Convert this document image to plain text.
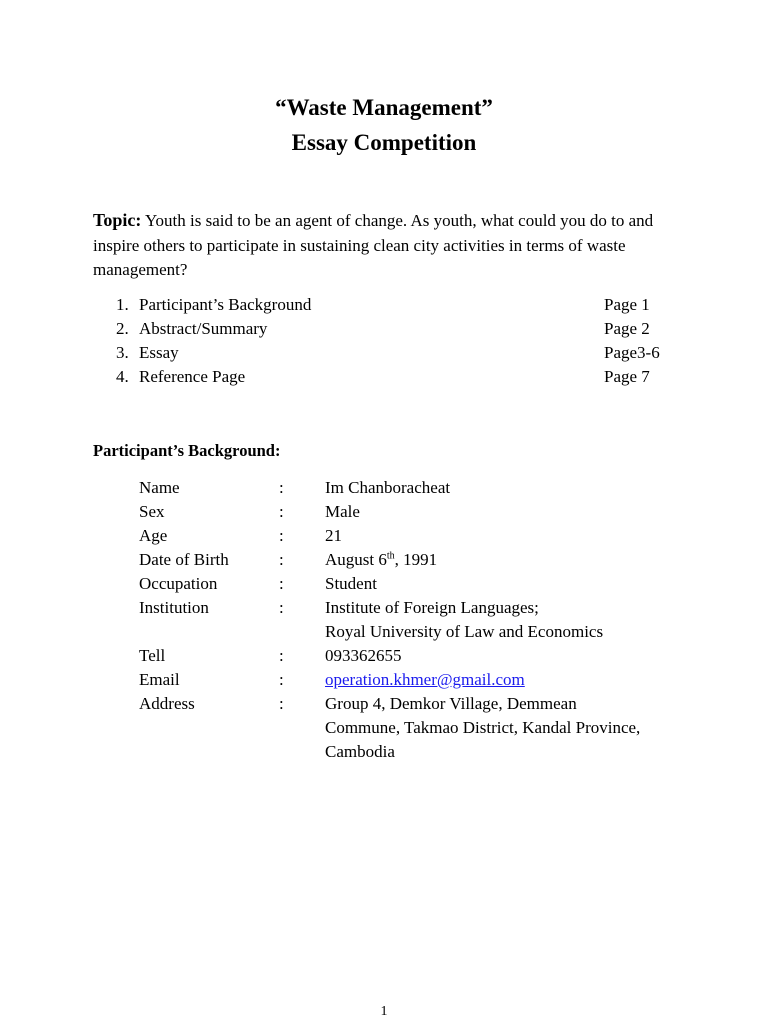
“Waste Management”
Essay Competition
Topic: Youth is said to be an agent of change. As youth, what could you do to and inspire others to participate in sustaining clean city activities in terms of waste management?
1. Participant’s Background	Page 1
2. Abstract/Summary	Page 2
3. Essay	Page3-6
4. Reference Page	Page 7
Participant’s Background:
Name	: Im Chanboracheat
Sex	: Male
Age	: 21
Date of Birth	: August 6th, 1991
Occupation	: Student
Institution	: Institute of Foreign Languages;
Royal University of Law and Economics
Tell	: 093362655
Email	: operation.khmer@gmail.com
Address	: Group 4, Demkor Village, Demmean
Commune, Takmao District, Kandal Province,
Cambodia
1
